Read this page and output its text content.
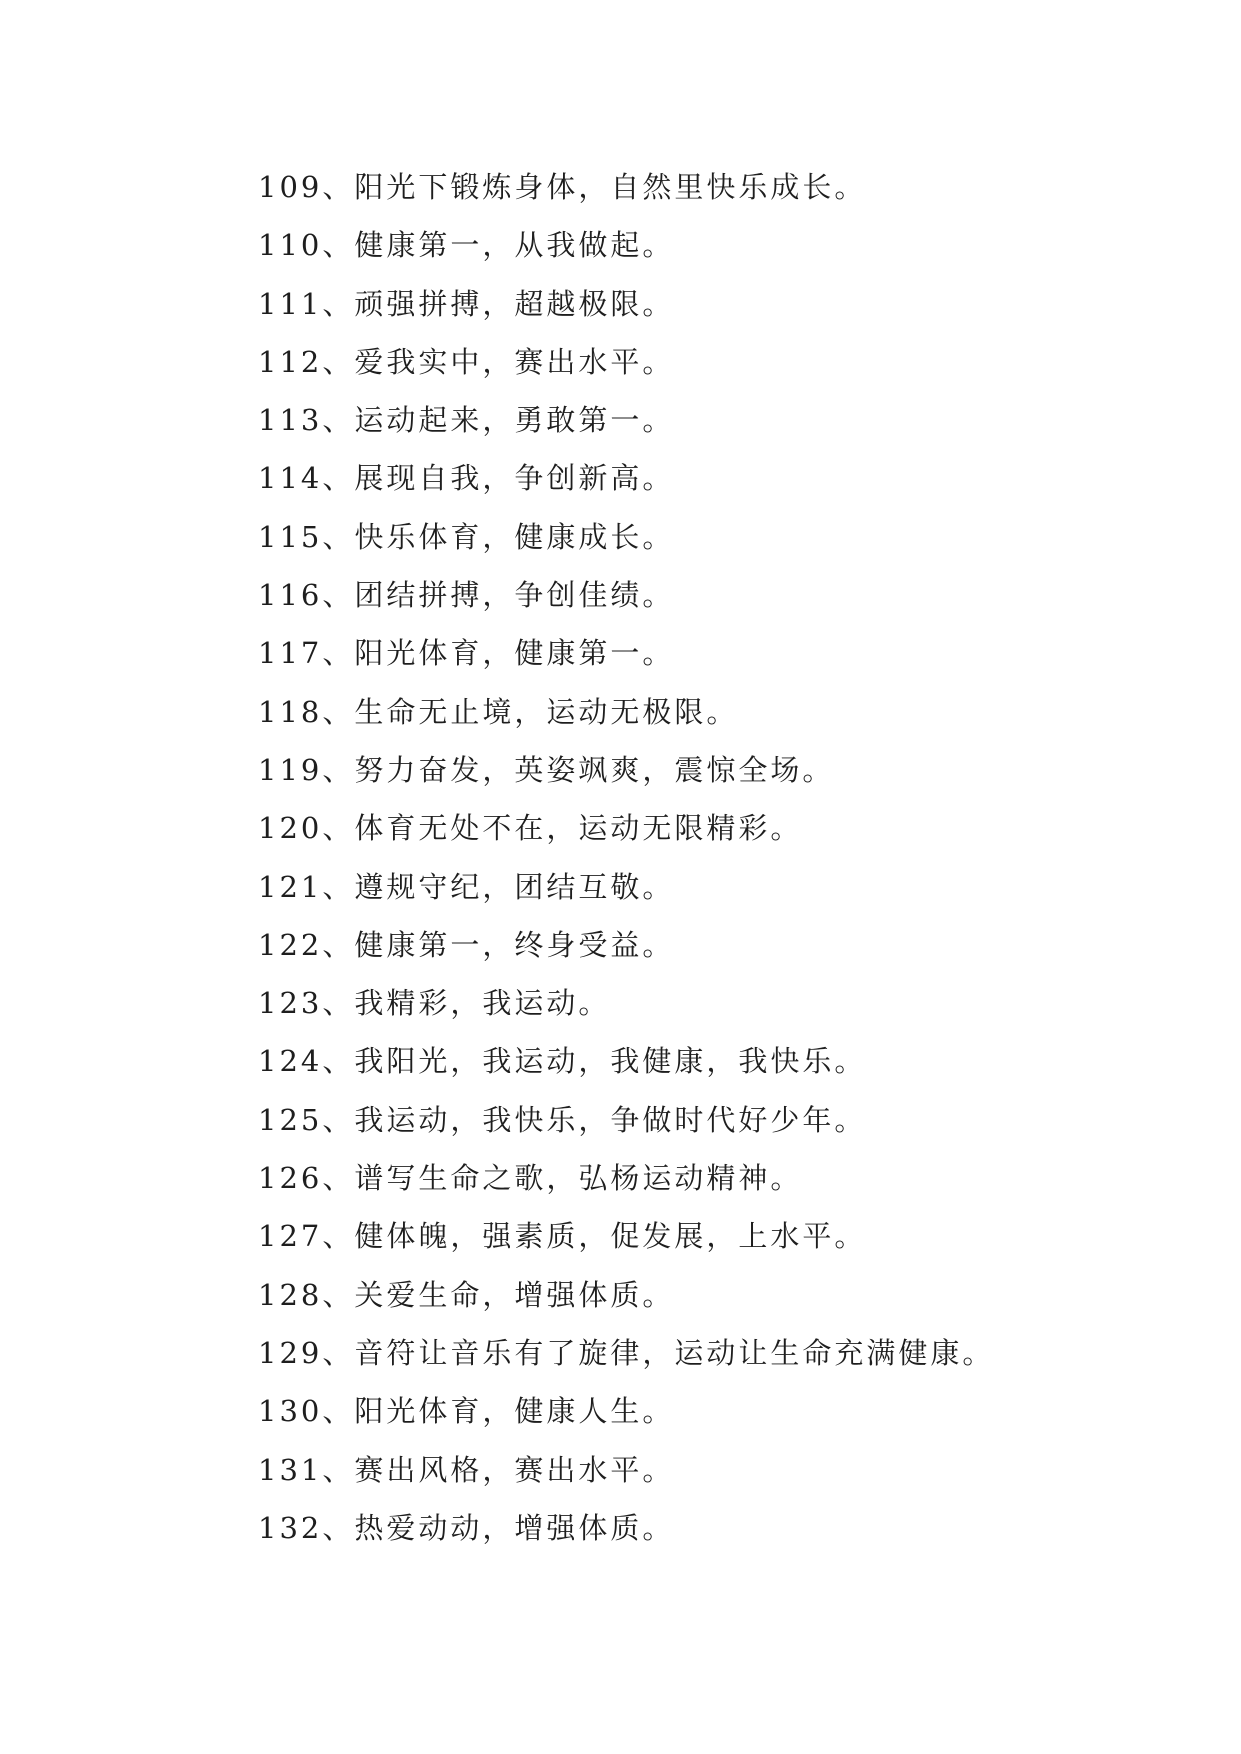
109、阳光下锻炼身体，自然里快乐成长。
110、健康第一，从我做起。
111、顽强拼搏，超越极限。
112、爱我实中，赛出水平。
113、运动起来，勇敢第一。
114、展现自我，争创新高。
115、快乐体育，健康成长。
116、团结拼搏，争创佳绩。
117、阳光体育，健康第一。
118、生命无止境，运动无极限。
119、努力奋发，英姿飒爽，震惊全场。
120、体育无处不在，运动无限精彩。
121、遵规守纪，团结互敬。
122、健康第一，终身受益。
123、我精彩，我运动。
124、我阳光，我运动，我健康，我快乐。
125、我运动，我快乐，争做时代好少年。
126、谱写生命之歌，弘杨运动精神。
127、健体魄，强素质，促发展，上水平。
128、关爱生命，增强体质。
129、音符让音乐有了旋律，运动让生命充满健康。
130、阳光体育，健康人生。
131、赛出风格，赛出水平。
132、热爱动动，增强体质。
